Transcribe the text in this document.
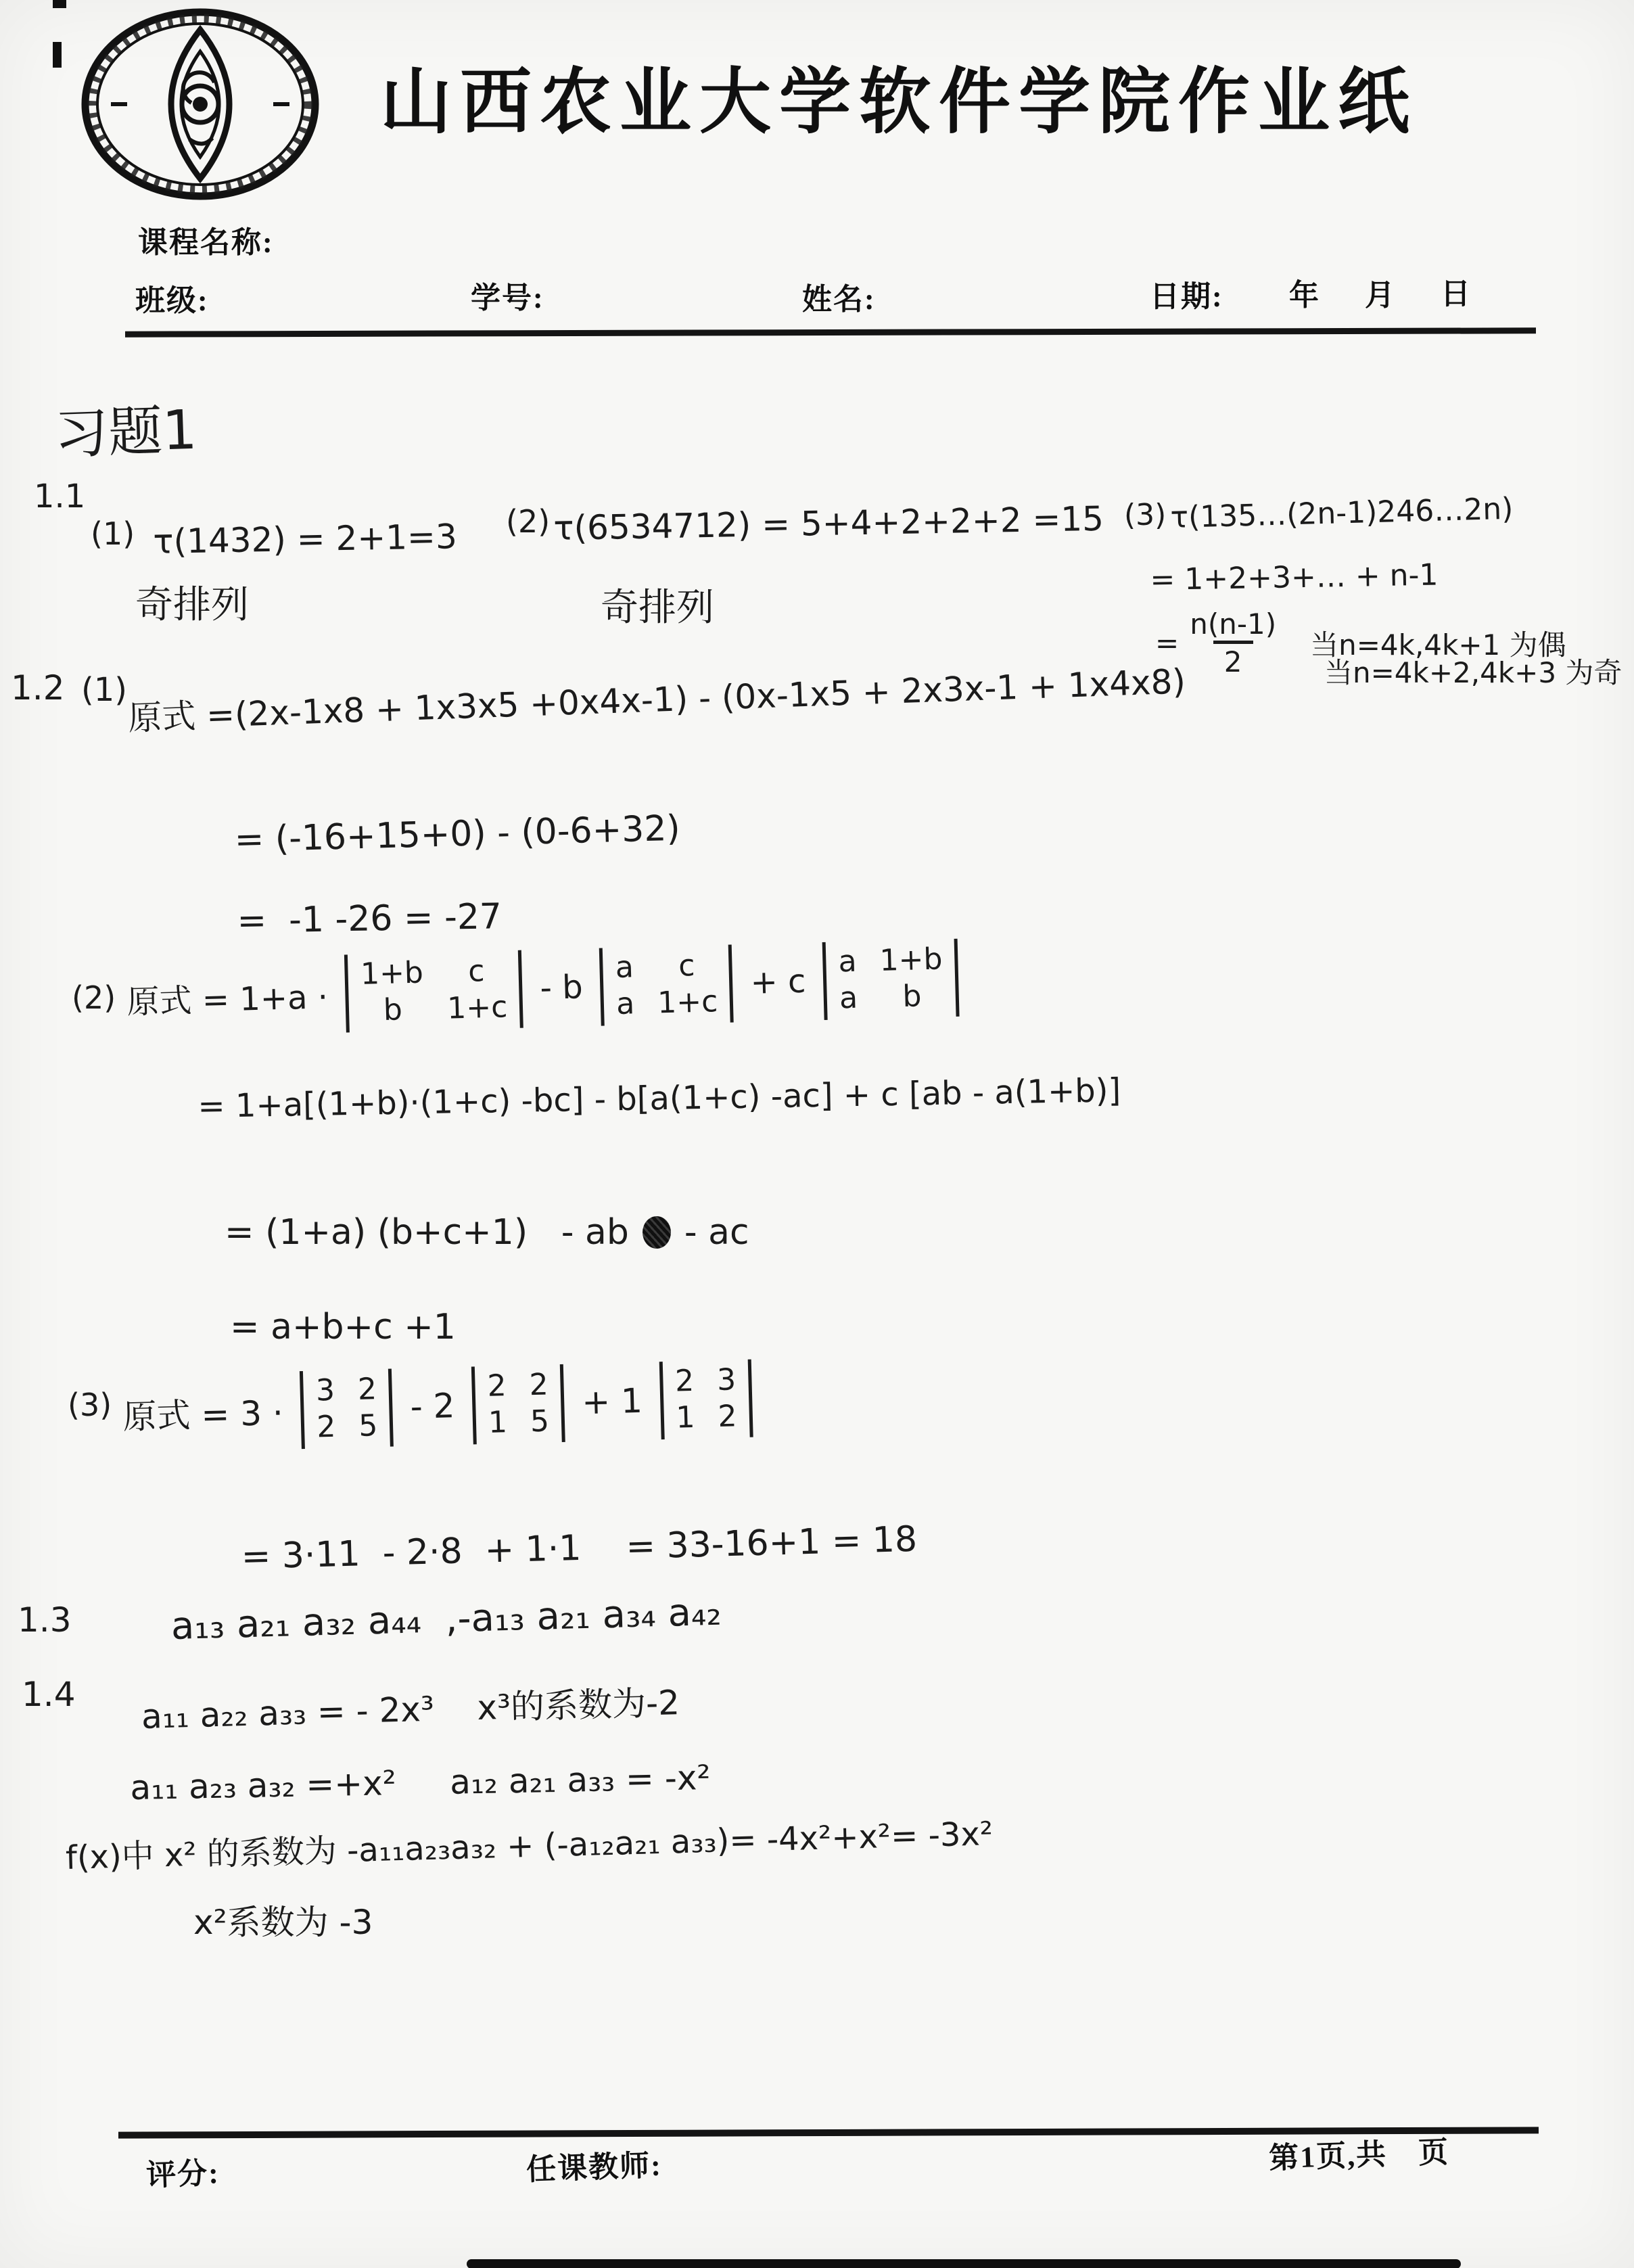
山西农业大学软件学院作业纸
课程名称:
班级:	学号:	姓名:	日期: 年 月 日
习题1
1.1
(1) τ(1432) = 2+1=3
奇排列
(2) τ(6534712) = 5+4+2+2+2 =15
奇排列
(3) τ(135…(2n-1)246…2n)
= 1+2+3+… + n-1
= $\frac{n(n-1)}{2}$ 当n=4k,4k+1 为偶
当n=4k+2,4k+3 为奇
1.2 (1) 原式 =(2x-1x8 + 1x3x5 +0x4x-1) - (0x-1x5 + 2x3x-1 + 1x4x8)
= (-16+15+0) - (0-6+32)
=  -1 -26 = -27
(2) 原式 = 1+a ·
1+b c
b 1+c
- b
a c
a 1+c
+ c
a 1+b
a b
= 1+a[(1+b)·(1+c) -bc] - b[a(1+c) -ac] + c [ab - a(1+b)]
= (1+a) (b+c+1)   - ab - ac
= a+b+c +1
(3) 原式 = 3 ·
3 2
2 5 - 2
2 2
1 5 + 1
2 3
1 2
= 3·11  - 2·8  + 1·1    = 33-16+1 = 18
1.3	a₁₃ a₂₁ a₃₂ a₄₄  ,-a₁₃ a₂₁ a₃₄ a₄₂
1.4 a₁₁ a₂₂ a₃₃ = - 2x³    x³的系数为-2
a₁₁ a₂₃ a₃₂ =+x²     a₁₂ a₂₁ a₃₃ = -x²
f(x)中 x² 的系数为 -a₁₁a₂₃a₃₂ + (-a₁₂a₂₁ a₃₃)= -4x²+x²= -3x²
x²系数为 -3
评分:	任课教师:	第1页,共　页
